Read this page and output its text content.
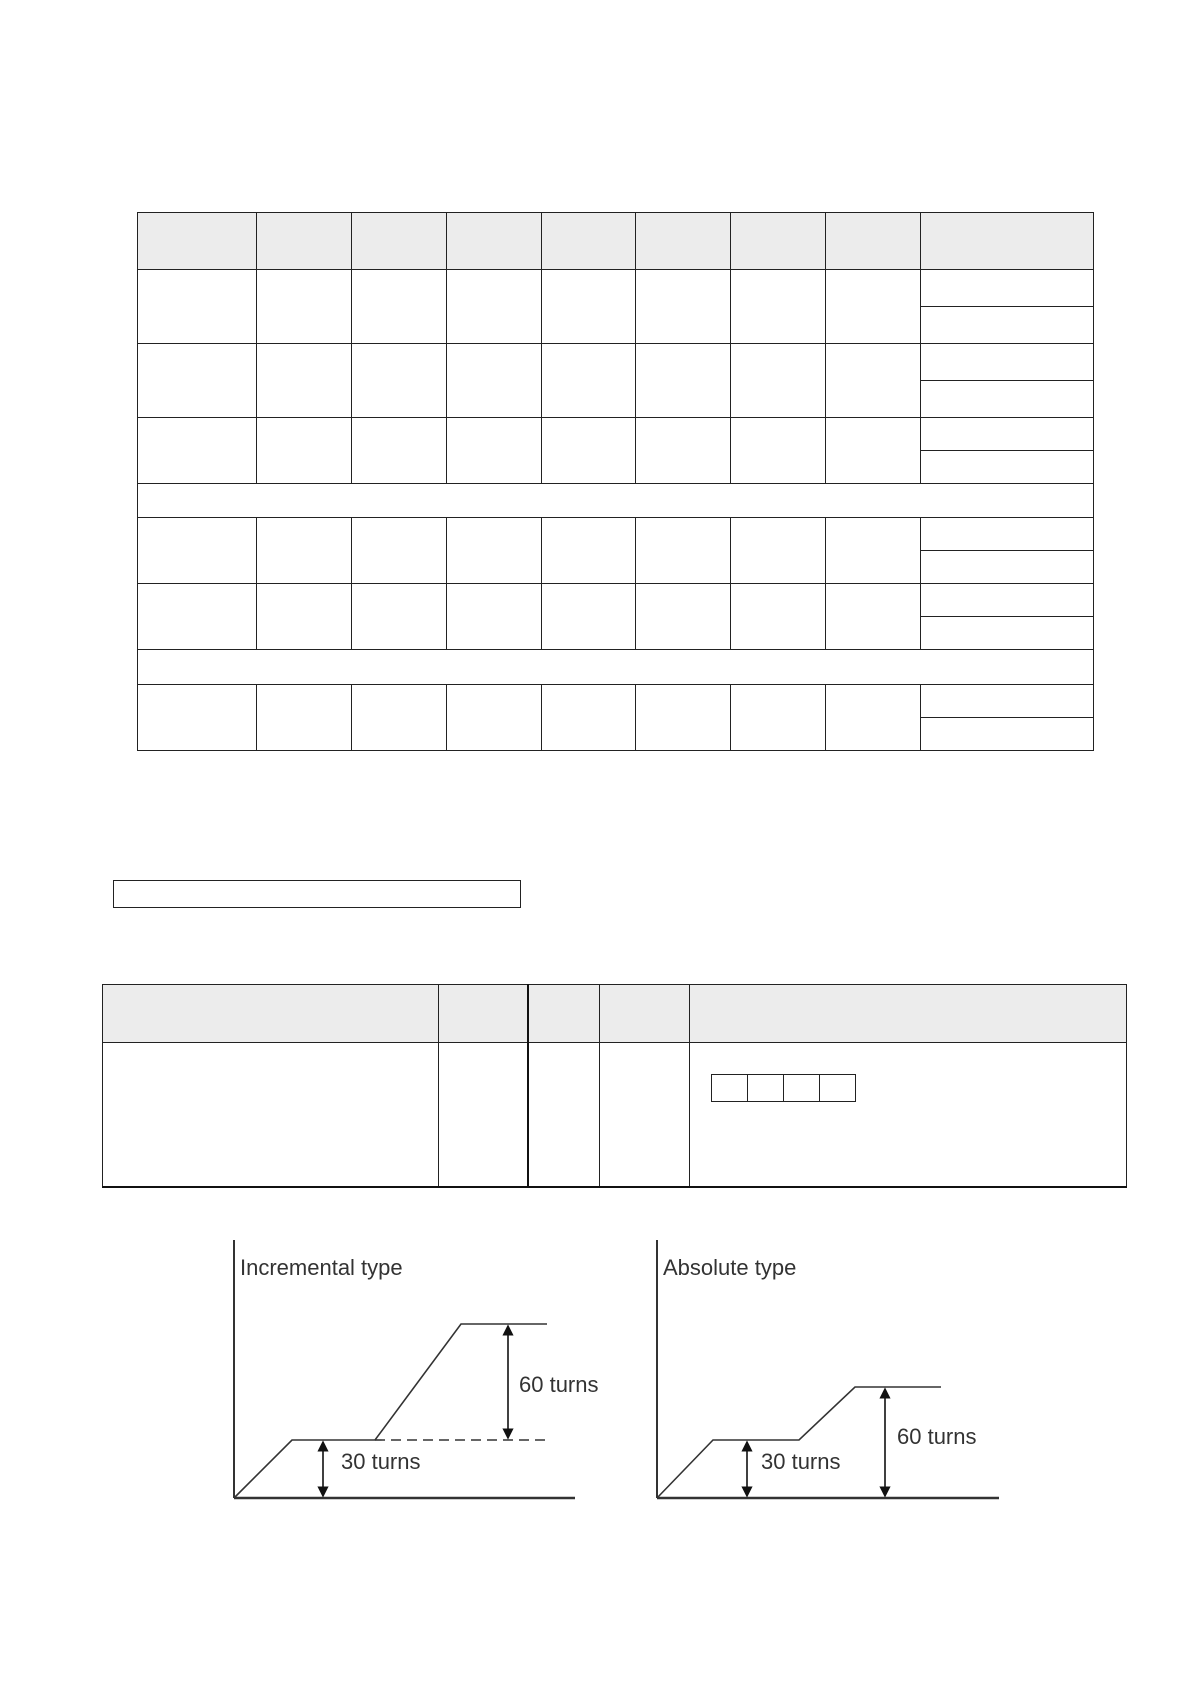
Incremental type
30 turns
60 turns
Absolute type
30 turns
60 turns
